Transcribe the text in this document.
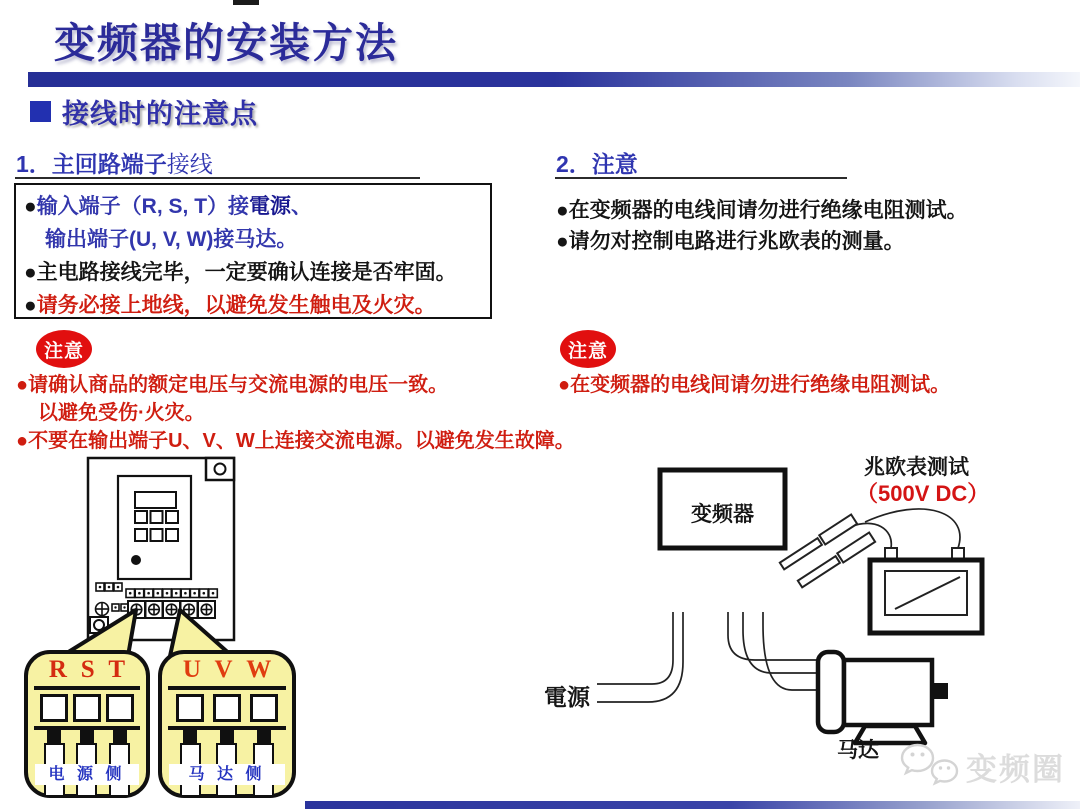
变频器的安装方法
接线时的注意点
1．主回路端子接线
●输入端子（R, S, T）接電源、
输出端子(U, V, W)接马达。
●主电路接线完毕，一定要确认连接是否牢固。
●请务必接上地线，以避免发生触电及火灾。
注意
●请确认商品的额定电压与交流电源的电压一致。
以避免受伤·火灾。
●不要在输出端子U、V、W上连接交流电源。以避免发生故障。
2．注意
●在变频器的电线间请勿进行绝缘电阻测试。
●请勿对控制电路进行兆欧表的测量。
注意
●在变频器的电线间请勿进行绝缘电阻测试。
R S T
电 源 侧
U V W
马 达 侧
变频器
兆欧表测试
（500V DC）
電源
马达
变频圈
